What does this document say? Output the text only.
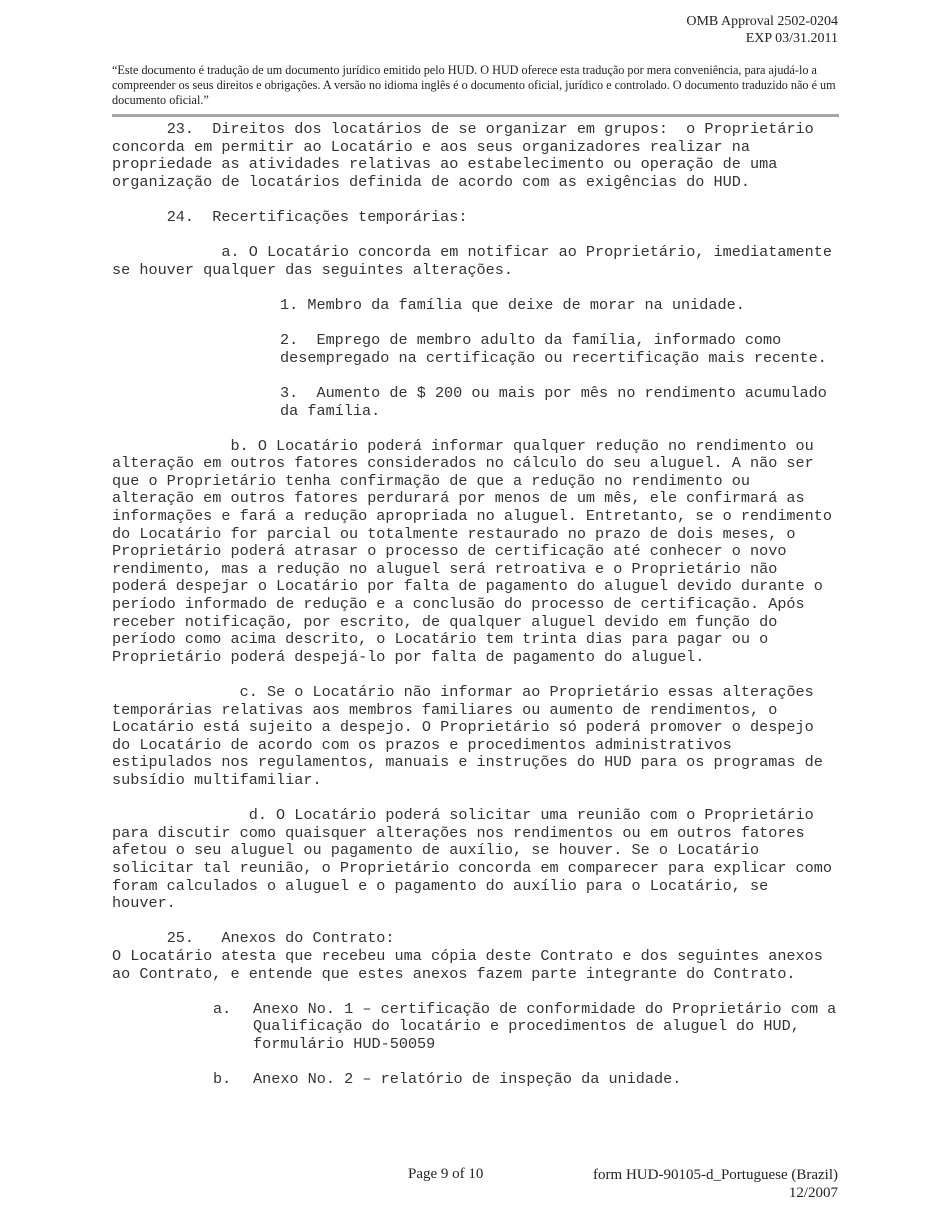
OMB Approval 2502-0204
EXP 03/31.2011
“Este documento é tradução de um documento jurídico emitido pelo HUD. O HUD oferece esta tradução por mera conveniência, para ajudá-lo a compreender os seus direitos e obrigações. A versão no idioma inglês é o documento oficial, jurídico e controlado. O documento traduzido não é um documento oficial.”

23.  Direitos dos locatários de se organizar em grupos:  o Proprietário concorda em permitir ao Locatário e aos seus organizadores realizar na propriedade as atividades relativas ao estabelecimento ou operação de uma organização de locatários definida de acordo com as exigências do HUD.

24.  Recertificações temporárias:

a. O Locatário concorda em notificar ao Proprietário, imediatamente se houver qualquer das seguintes alterações.

1. Membro da família que deixe de morar na unidade.

2.  Emprego de membro adulto da família, informado como desempregado na certificação ou recertificação mais recente.

3.  Aumento de $ 200 ou mais por mês no rendimento acumulado da família.

b. O Locatário poderá informar qualquer redução no rendimento ou alteração em outros fatores considerados no cálculo do seu aluguel. A não ser que o Proprietário tenha confirmação de que a redução no rendimento ou alteração em outros fatores perdurará por menos de um mês, ele confirmará as informações e fará a redução apropriada no aluguel. Entretanto, se o rendimento do Locatário for parcial ou totalmente restaurado no prazo de dois meses, o Proprietário poderá atrasar o processo de certificação até conhecer o novo rendimento, mas a redução no aluguel será retroativa e o Proprietário não poderá despejar o Locatário por falta de pagamento do aluguel devido durante o período informado de redução e a conclusão do processo de certificação. Após receber notificação, por escrito, de qualquer aluguel devido em função do período como acima descrito, o Locatário tem trinta dias para pagar ou o Proprietário poderá despejá-lo por falta de pagamento do aluguel.

c. Se o Locatário não informar ao Proprietário essas alterações temporárias relativas aos membros familiares ou aumento de rendimentos, o Locatário está sujeito a despejo. O Proprietário só poderá promover o despejo do Locatário de acordo com os prazos e procedimentos administrativos estipulados nos regulamentos, manuais e instruções do HUD para os programas de subsídio multifamiliar.

d. O Locatário poderá solicitar uma reunião com o Proprietário para discutir como quaisquer alterações nos rendimentos ou em outros fatores afetou o seu aluguel ou pagamento de auxílio, se houver. Se o Locatário solicitar tal reunião, o Proprietário concorda em comparecer para explicar como foram calculados o aluguel e o pagamento do auxílio para o Locatário, se houver.

25.   Anexos do Contrato:

O Locatário atesta que recebeu uma cópia deste Contrato e dos seguintes anexos ao Contrato, e entende que estes anexos fazem parte integrante do Contrato.

a.	Anexo No. 1 – certificação de conformidade do Proprietário com a Qualificação do locatário e procedimentos de aluguel do HUD, formulário HUD-50059
b.	Anexo No. 2 – relatório de inspeção da unidade.
Page 9 of 10	form HUD-90105-d_Portuguese (Brazil)
12/2007
